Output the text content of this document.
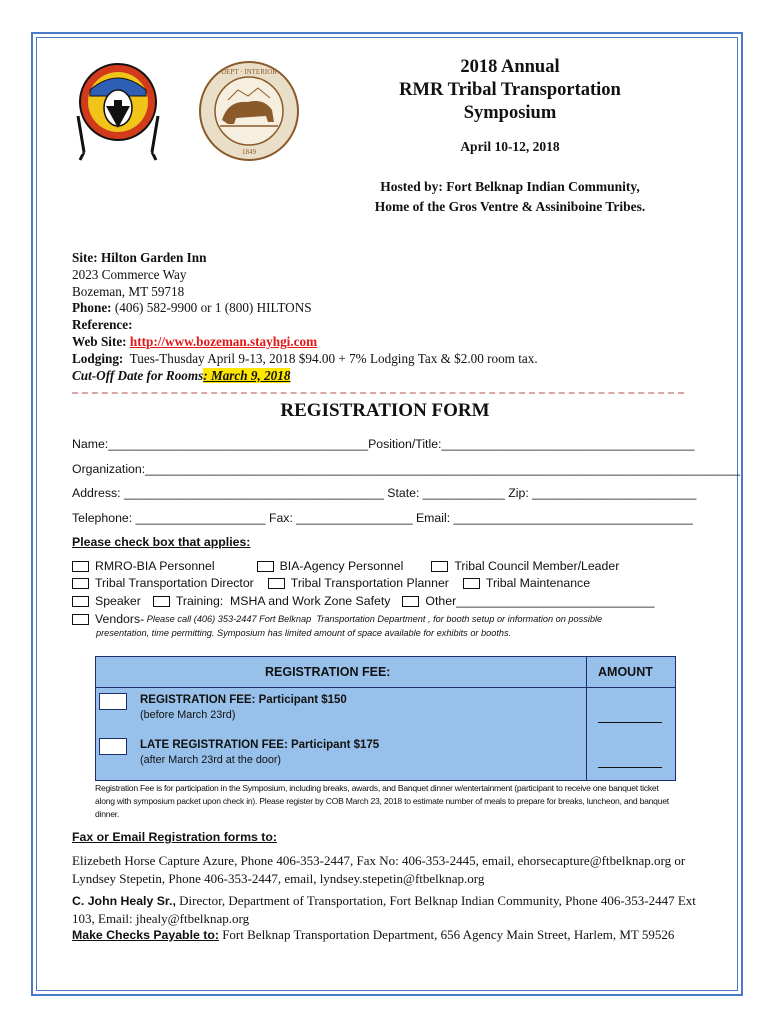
DEPT · INTERIOR
1849
2018 Annual
RMR Tribal Transportation
Symposium
April 10-12, 2018
Hosted by: Fort Belknap Indian Community,
Home of the Gros Ventre & Assiniboine Tribes.
Site: Hilton Garden Inn
2023 Commerce Way
Bozeman, MT 59718
Phone: (406) 582-9900 or 1 (800) HILTONS
Reference:
Web Site: http://www.bozeman.stayhgi.com
Lodging:  Tues-Thusday April 9-13, 2018 $94.00 + 7% Lodging Tax & $2.00 room tax.
Cut-Off Date for Rooms: March 9, 2018
REGISTRATION FORM
Name:______________________________________Position/Title:_____________________________________
Organization:_______________________________________________________________________________________
Address: ______________________________________ State: ____________ Zip: ________________________
Telephone: ___________________ Fax: _________________ Email: ___________________________________
Please check box that applies:
RMRO-BIA Personnel	BIA-Agency Personnel	Tribal Council Member/Leader
Tribal Transportation Director	Tribal Transportation Planner	Tribal Maintenance
Speaker	Training:  MSHA and Work Zone Safety	Other_____________________________
Vendors- Please call (406) 353-2447 Fort Belknap  Transportation Department , for booth setup or information on possible
presentation, time permitting. Symposium has limited amount of space available for exhibits or booths.
REGISTRATION FEE:	AMOUNT
REGISTRATION FEE: Participant $150
(before March 23rd)
LATE REGISTRATION FEE: Participant $175
(after March 23rd at the door)
Registration Fee is for participation in the Symposium, including breaks, awards, and Banquet dinner w/entertainment (participant to receive one banquet ticket along with symposium packet upon check in). Please register by COB March 23, 2018 to estimate number of meals to prepare for breaks, luncheon, and banquet dinner.
Fax or Email Registration forms to:
Elizebeth Horse Capture Azure, Phone 406-353-2447, Fax No: 406-353-2445, email, ehorsecapture@ftbelknap.org or Lyndsey Stepetin, Phone 406-353-2447, email, lyndsey.stepetin@ftbelknap.org
C. John Healy Sr., Director, Department of Transportation, Fort Belknap Indian Community, Phone 406-353-2447 Ext 103, Email: jhealy@ftbelknap.org
Make Checks Payable to: Fort Belknap Transportation Department, 656 Agency Main Street, Harlem, MT 59526
